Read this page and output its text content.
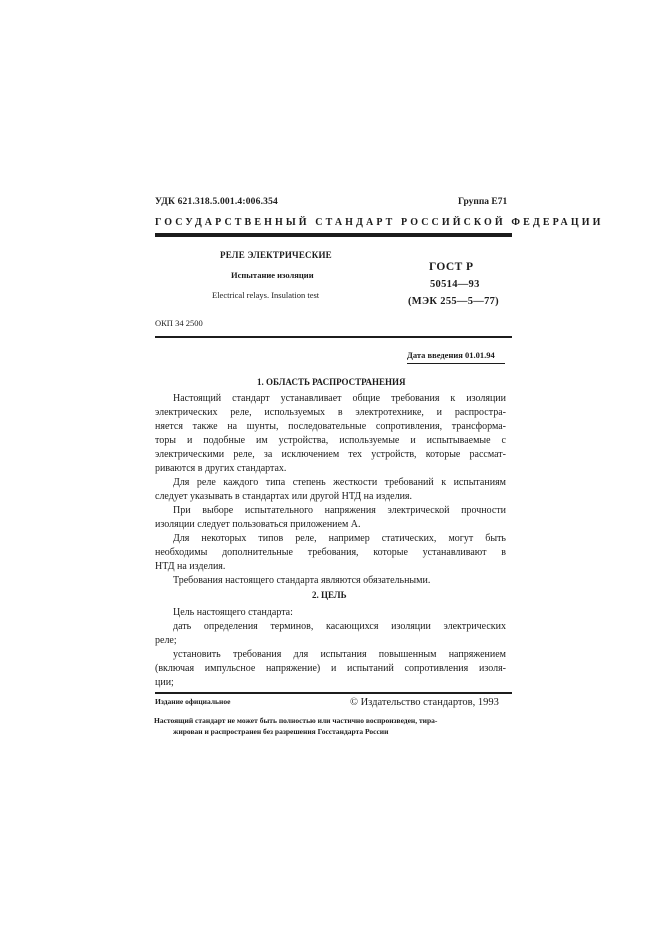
УДК 621.318.5.001.4:006.354	Группа Е71
ГОСУДАРСТВЕННЫЙ СТАНДАРТ РОССИЙСКОЙ ФЕДЕРАЦИИ
РЕЛЕ ЭЛЕКТРИЧЕСКИЕ
Испытание изоляции
Electrical relays. Insulation test
ГОСТ Р
50514—93
(МЭК 255—5—77)
ОКП 34 2500
Дата введения 01.01.94
1. ОБЛАСТЬ РАСПРОСТРАНЕНИЯ
Настоящий стандарт устанавливает общие требования к изоляции
электрических реле, используемых в электротехнике, и распростра-
няется также на шунты, последовательные сопротивления, трансформа-
торы и подобные им устройства, используемые и испытываемые с
электрическими реле, за исключением тех устройств, которые рассмат-
риваются в других стандартах.
Для реле каждого типа степень жесткости требований к испытаниям
следует указывать в стандартах или другой НТД на изделия.
При выборе испытательного напряжения электрической прочности
изоляции следует пользоваться приложением А.
Для некоторых типов реле, например статических, могут быть
необходимы дополнительные требования, которые устанавливают в
НТД на изделия.
Требования настоящего стандарта являются обязательными.
2. ЦЕЛЬ
Цель настоящего стандарта:
дать определения терминов, касающихся изоляции электрических
реле;
установить требования для испытания повышенным напряжением
(включая импульсное напряжение) и испытаний сопротивления изоля-
ции;
Издание официальное	© Издательство стандартов, 1993
Настоящий стандарт не может быть полностью или частично воспроизведен, тира-
жирован и распространен без разрешения Госстандарта России
